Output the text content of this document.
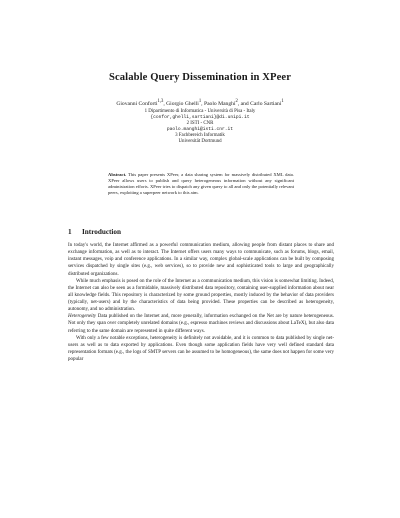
Scalable Query Dissemination in XPeer
Giovanni Conforti$^{1,3}$, Giorgio Ghelli$^1$, Paolo Manghi$^2$, and Carlo Sartiani$^1$
1 Dipartimento di Informatica - Università di Pisa - Italy
{confor,ghelli,sartiani}@di.unipi.it
2 ISTI - CNR
paolo.manghi@isti.cnr.it
3 Fachbereich Informatik
Universität Dortmund
Abstract. This paper presents XPeer, a data sharing system for massively distributed XML data. XPeer allows users to publish and query heterogeneous information without any significant administration efforts. XPeer tries to dispatch any given query to all and only the potentially relevant peers, exploiting a superpeer network to this aim.
1 Introduction

In today's world, the Internet affirmed as a powerful communication medium, allowing people from distant places to share and exchange information, as well as to interact. The Internet offers users many ways to communicate, such as forums, blogs, email, instant messages, voip and conference applications. In a similar way, complex global-scale applications can be built by composing services dispatched by single sites (e.g., web services), so to provide new and sophisticated tools to large and geographically distributed organizations.

While much emphasis is posed on the role of the Internet as a communication medium, this vision is somewhat limiting. Indeed, the Internet can also be seen as a formidable, massively distributed data repository, containing user-supplied information about near all knowledge fields. This repository is characterized by some ground properties, mostly induced by the behavior of data providers (typically, net-users) and by the characteristics of data being provided. These properties can be described as heterogeneity, autonomy, and no administration.

Heterogeneity Data published on the Internet and, more generally, information exchanged on the Net are by nature heterogeneous. Not only they span over completely unrelated domains (e.g., espresso machines reviews and discussions about LaTeX), but also data referring to the same domain are represented in quite different ways.

With only a few notable exceptions, heterogeneity is definitely not avoidable, and it is common to data published by single net-users as well as to data exported by applications. Even though some application fields have very well defined standard data representation formats (e.g., the logs of SMTP servers can be assumed to be homogeneous), the same does not happen for some very popular
